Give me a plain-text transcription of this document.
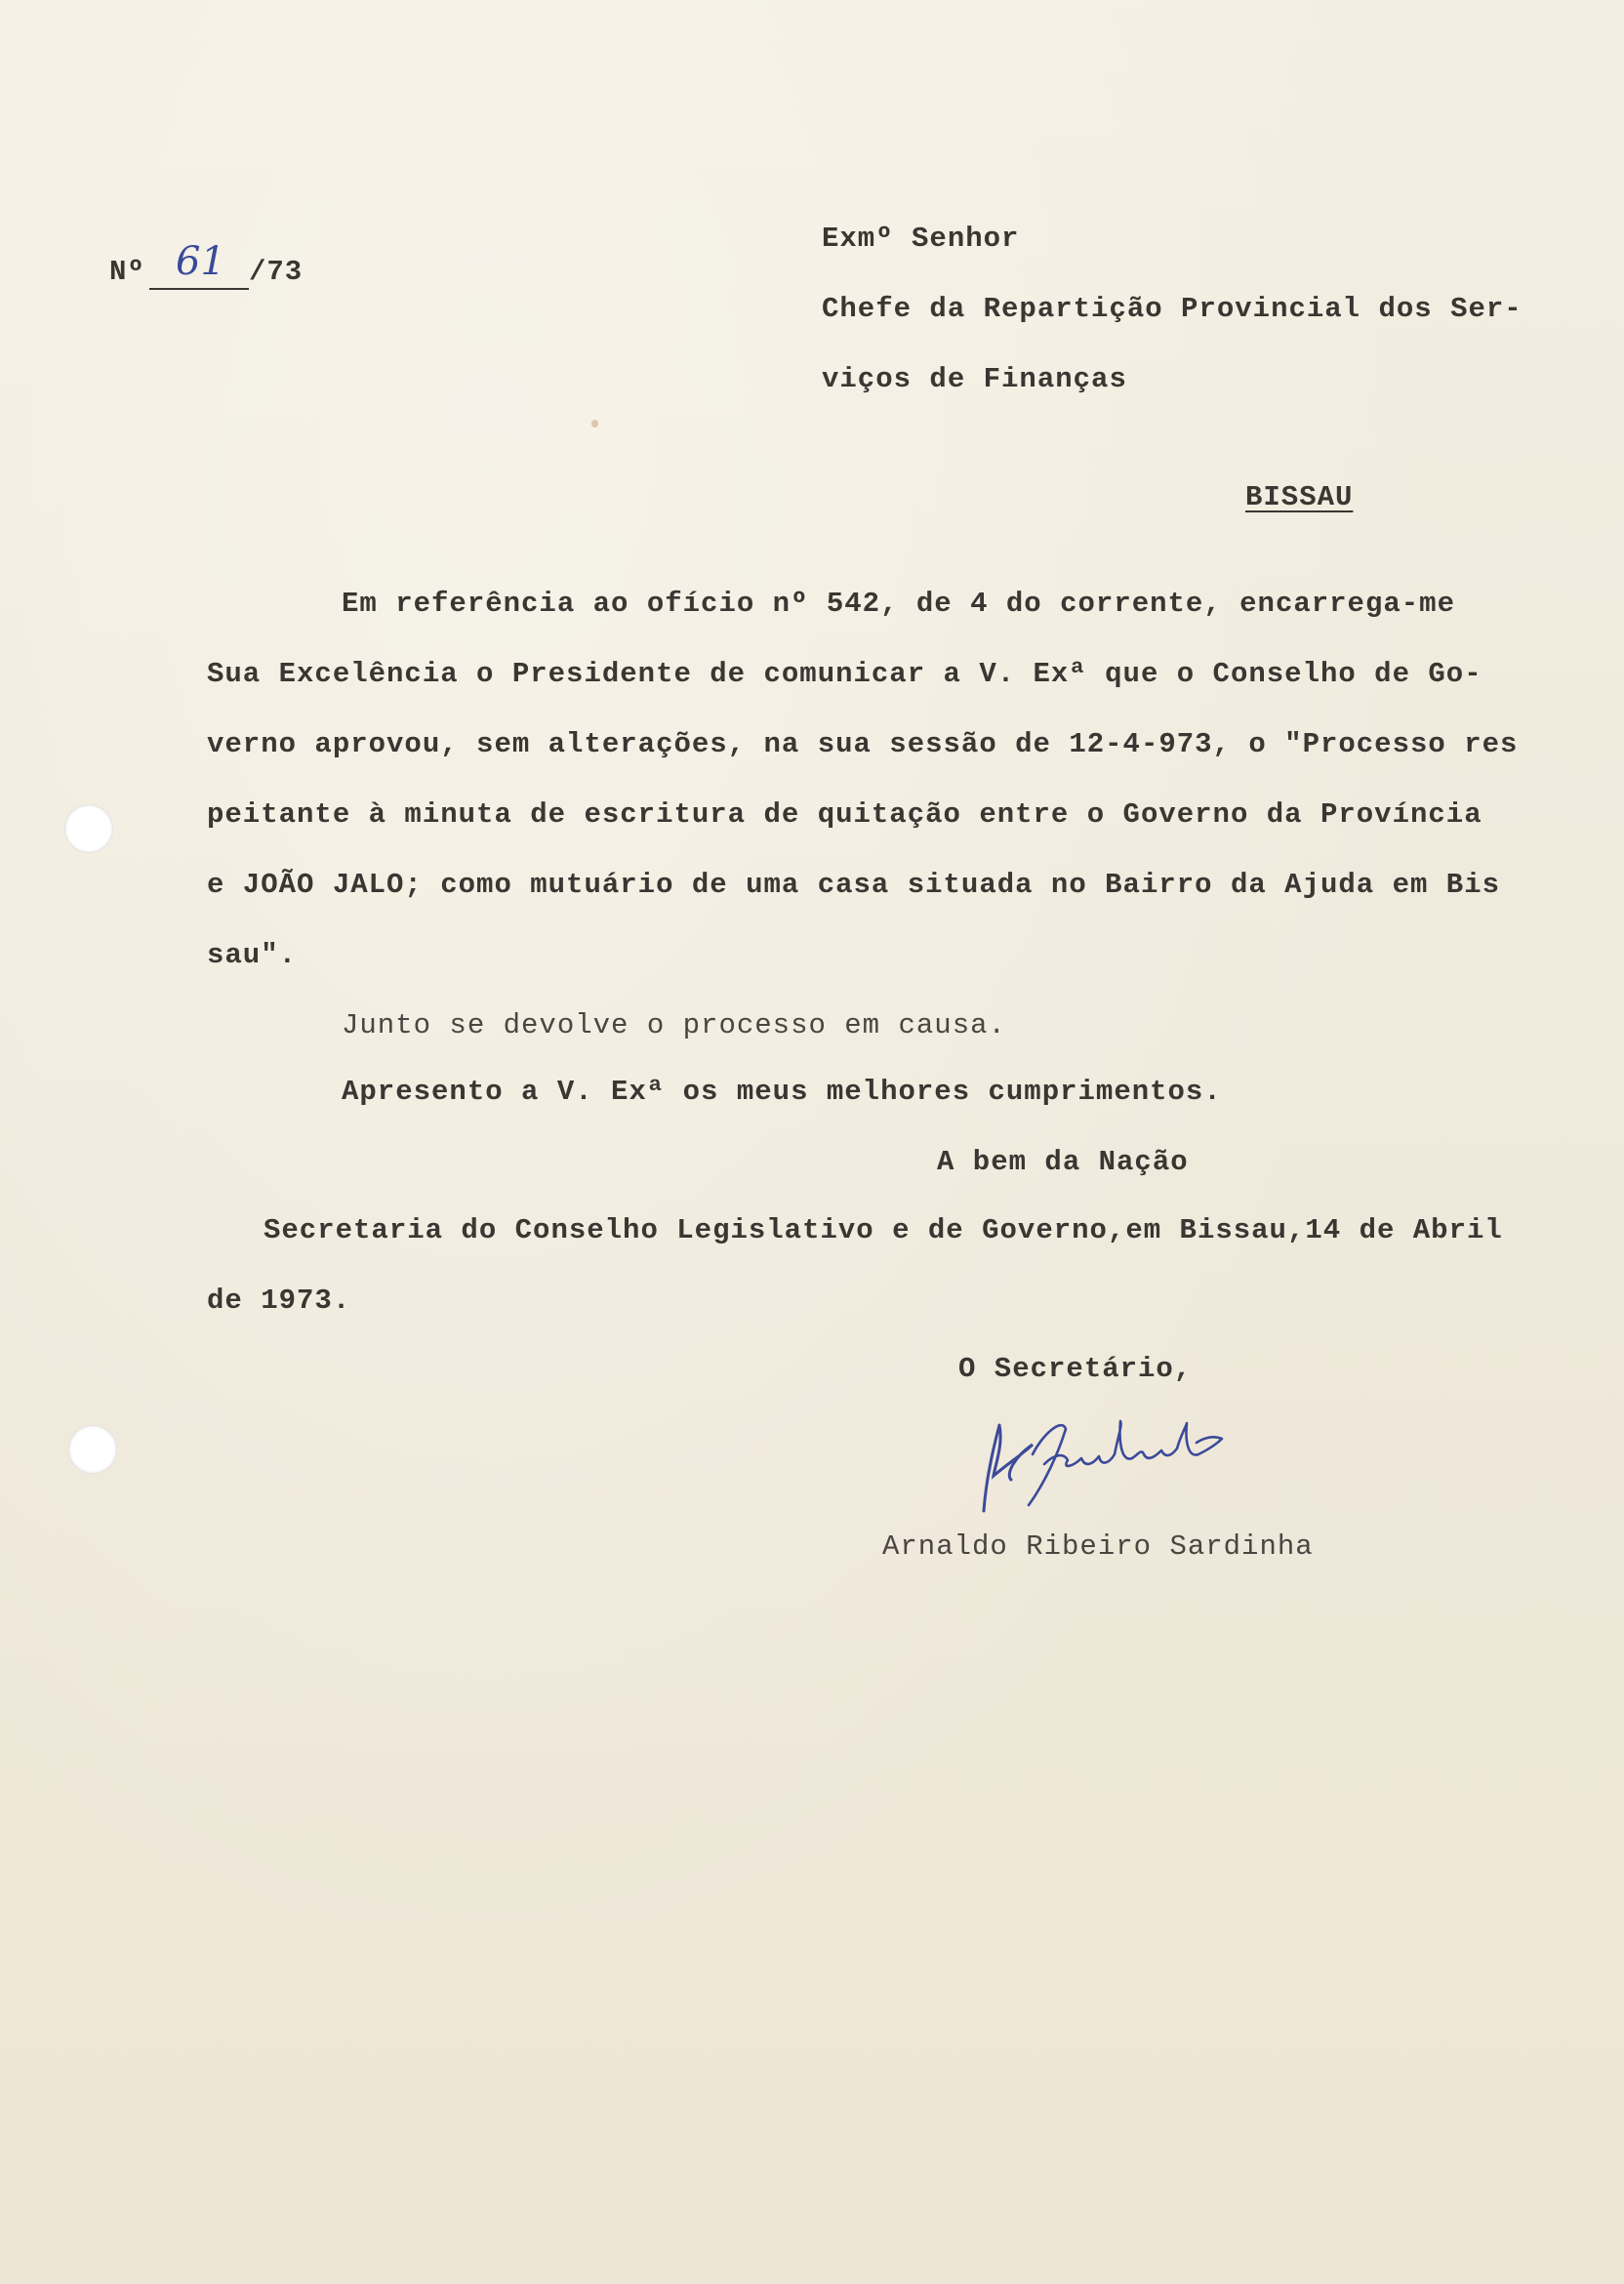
Nº 61 /73
Exmº Senhor
Chefe da Repartição Provincial dos Ser-
viços de Finanças
BISSAU
Em referência ao ofício nº 542, de 4 do corrente, encarrega-me
Sua Excelência o Presidente de comunicar a V. Exª que o Conselho de Go-
verno aprovou, sem alterações, na sua sessão de 12-4-973, o "Processo res
peitante à minuta de escritura de quitação entre o Governo da Província
e JOÃO JALO; como mutuário de uma casa situada no Bairro da Ajuda em Bis
sau".
Junto se devolve o processo em causa.
Apresento a V. Exª os meus melhores cumprimentos.
A bem da Nação
Secretaria do Conselho Legislativo e de Governo,em Bissau,14 de Abril
de 1973.
O Secretário,
Arnaldo Ribeiro Sardinha
